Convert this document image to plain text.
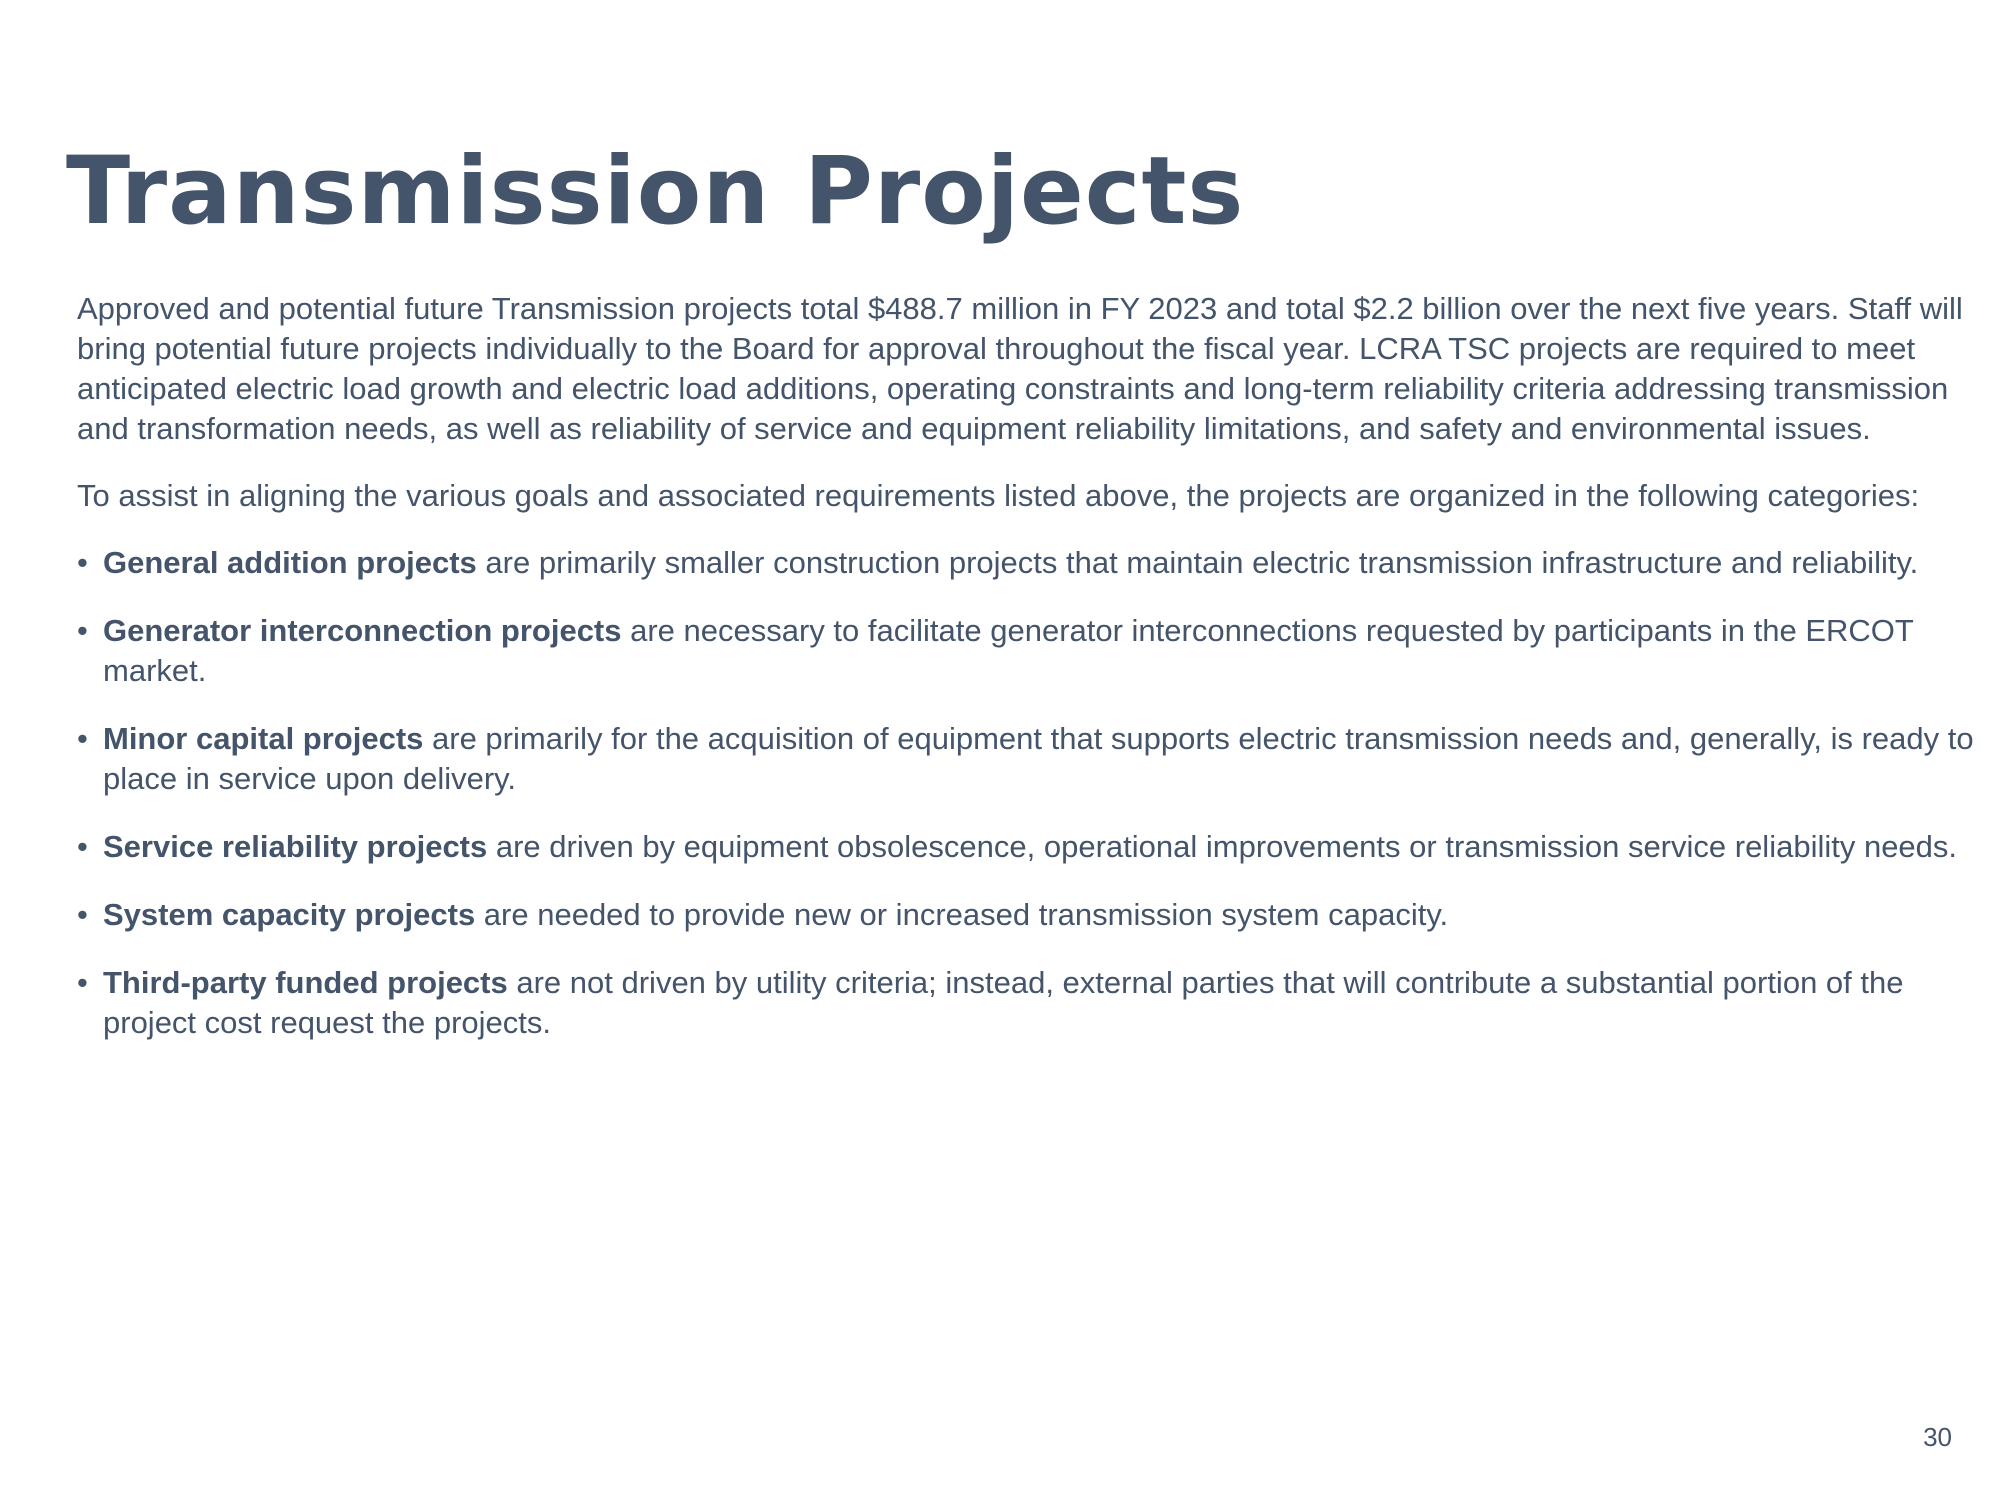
Transmission Projects

Approved and potential future Transmission projects total $488.7 million in FY 2023 and total $2.2 billion over the next five years. Staff will bring potential future projects individually to the Board for approval throughout the fiscal year. LCRA TSC projects are required to meet anticipated electric load growth and electric load additions, operating constraints and long-term reliability criteria addressing transmission and transformation needs, as well as reliability of service and equipment reliability limitations, and safety and environmental issues.

To assist in aligning the various goals and associated requirements listed above, the projects are organized in the following categories:

• General addition projects are primarily smaller construction projects that maintain electric transmission infrastructure and reliability.
• Generator interconnection projects are necessary to facilitate generator interconnections requested by participants in the ERCOT market.
• Minor capital projects are primarily for the acquisition of equipment that supports electric transmission needs and, generally, is ready to place in service upon delivery.
• Service reliability projects are driven by equipment obsolescence, operational improvements or transmission service reliability needs.
• System capacity projects are needed to provide new or increased transmission system capacity.
• Third-party funded projects are not driven by utility criteria; instead, external parties that will contribute a substantial portion of the project cost request the projects.
30
